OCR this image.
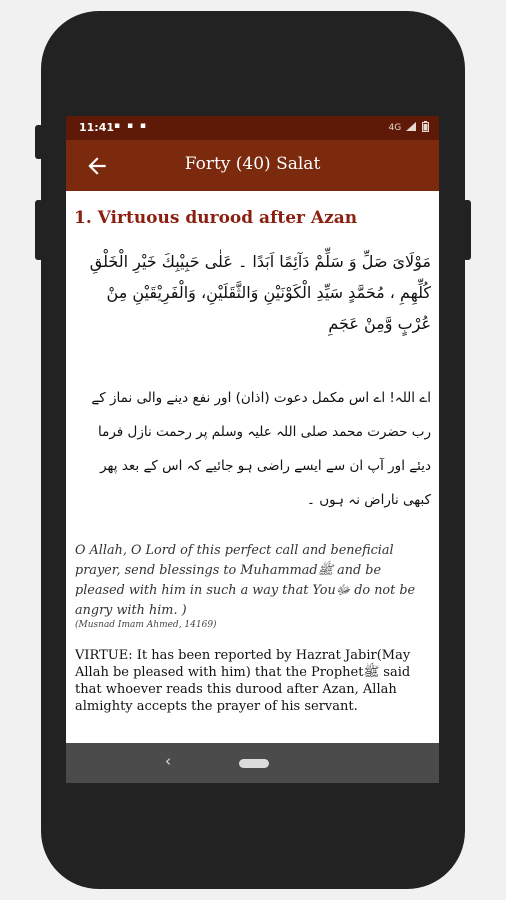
11:41 ▪ ▪ ▪	4G
Forty (40) Salat
1. Virtuous durood after Azan
مَوْلَایَ صَلِّ وَ سَلِّمْ دَآئِمًا اَبَدًا ۔ عَلٰی حَبِیْبِكَ خَیْرِ الْخَلْقِ كُلِّهِمِ ، مُحَمَّدٍ سَیِّدِ الْكَوْنَیْنِ وَالثَّقَلَیْنِ، وَالْفَرِیْقَیْنِ مِنْ عُرْبٍ وَّمِنْ عَجَمِ
اے اللہ! اے اس مکمل دعوت (اذان) اور نفع دینے والی نماز کے رب حضرت محمد صلی اللہ علیہ وسلم پر رحمت نازل فرما دیئے اور آپ ان سے ایسے راضی ہو جائیے کہ اس کے بعد پھر کبھی ناراض نہ ہوں ۔
O Allah, O Lord of this perfect call and beneficial prayer, send blessings to Muhammadﷺ and be pleased with him in such a way that Youﷻ do not be angry with him. )
(Musnad Imam Ahmed, 14169)
VIRTUE: It has been reported by Hazrat Jabir(May Allah be pleased with him) that the Prophetﷺ said that whoever reads this durood after Azan, Allah almighty accepts the prayer of his servant.
‹
